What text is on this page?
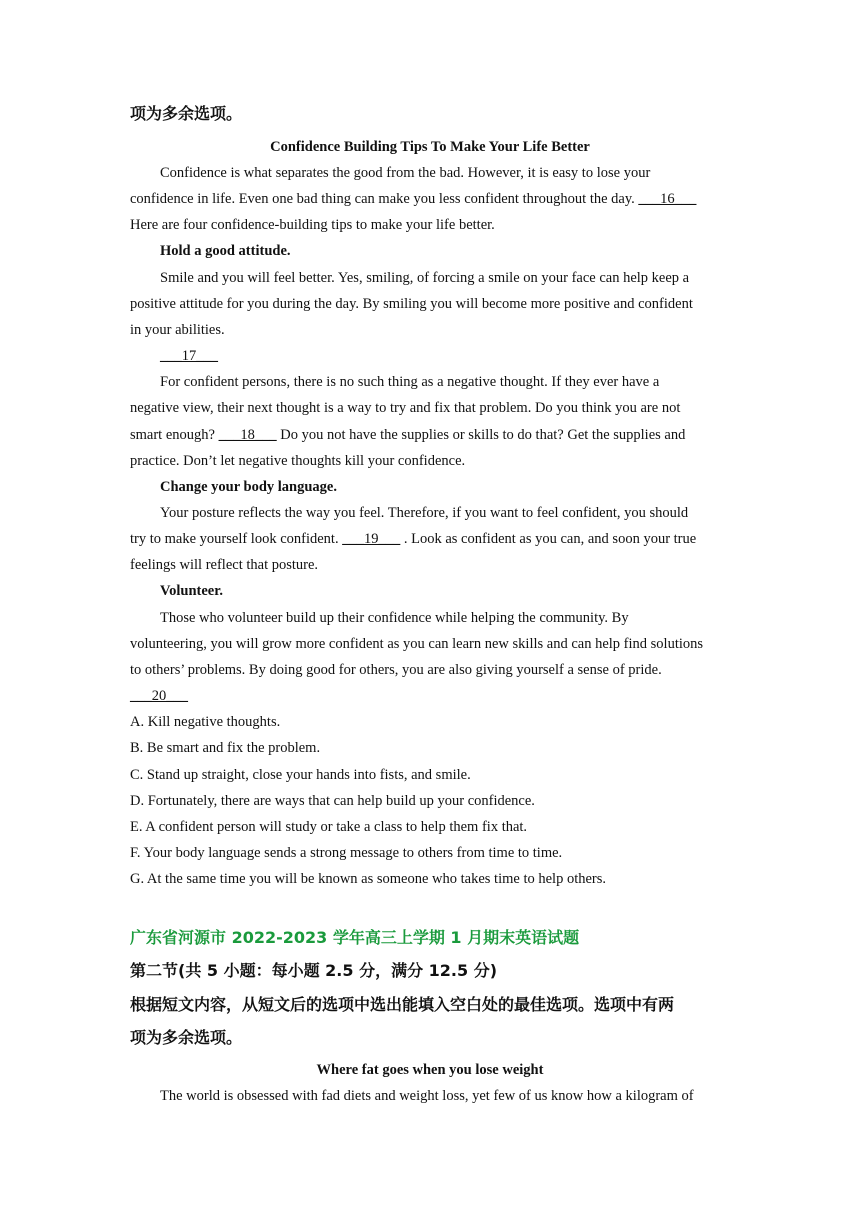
项为多余选项。
Confidence Building Tips To Make Your Life Better
Confidence is what separates the good from the bad. However, it is easy to lose your
confidence in life. Even one bad thing can make you less confident throughout the day. ___16___
Here are four confidence-building tips to make your life better.
Hold a good attitude.
Smile and you will feel better. Yes, smiling, of forcing a smile on your face can help keep a
positive attitude for you during the day. By smiling you will become more positive and confident
in your abilities.
___17___
For confident persons, there is no such thing as a negative thought. If they ever have a
negative view, their next thought is a way to try and fix that problem. Do you think you are not
smart enough? ___18___ Do you not have the supplies or skills to do that? Get the supplies and
practice. Don’t let negative thoughts kill your confidence.
Change your body language.
Your posture reflects the way you feel. Therefore, if you want to feel confident, you should
try to make yourself look confident. ___19___ . Look as confident as you can, and soon your true
feelings will reflect that posture.
Volunteer.
Those who volunteer build up their confidence while helping the community. By
volunteering, you will grow more confident as you can learn new skills and can help find solutions
to others’ problems. By doing good for others, you are also giving yourself a sense of pride.
___20___
A. Kill negative thoughts.
B. Be smart and fix the problem.
C. Stand up straight, close your hands into fists, and smile.
D. Fortunately, there are ways that can help build up your confidence.
E. A confident person will study or take a class to help them fix that.
F. Your body language sends a strong message to others from time to time.
G. At the same time you will be known as someone who takes time to help others.
广东省河源市 2022-2023 学年高三上学期 1 月期末英语试题
第二节(共 5 小题：每小题 2.5 分，满分 12.5 分)
根据短文内容，从短文后的选项中选出能填入空白处的最佳选项。选项中有两
项为多余选项。
Where fat goes when you lose weight
The world is obsessed with fad diets and weight loss, yet few of us know how a kilogram of
